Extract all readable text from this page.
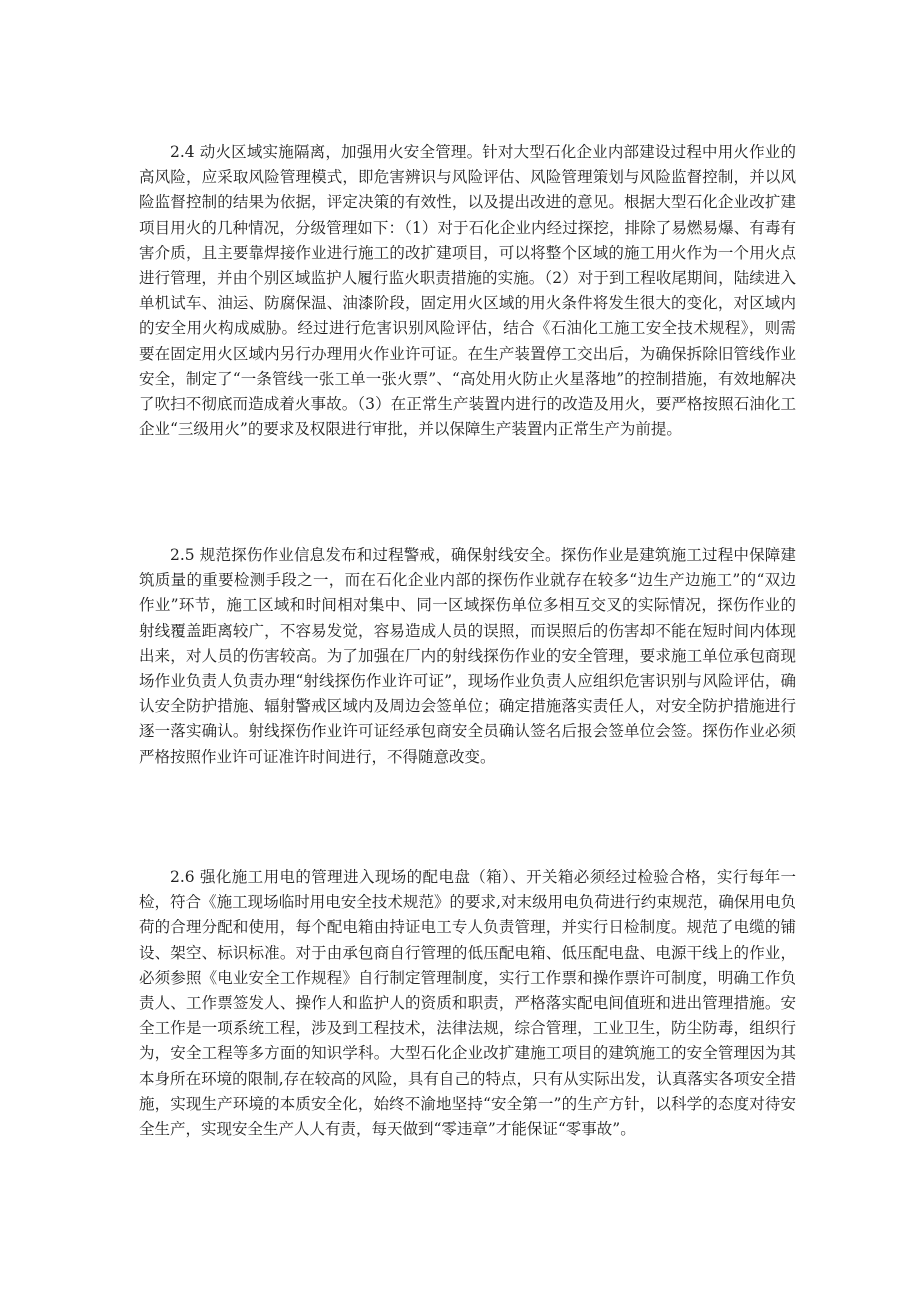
2.4 动火区域实施隔离，加强用火安全管理。针对大型石化企业内部建设过程中用火作业的高风险，应采取风险管理模式，即危害辨识与风险评估、风险管理策划与风险监督控制，并以风险监督控制的结果为依据，评定决策的有效性，以及提出改进的意见。根据大型石化企业改扩建项目用火的几种情况，分级管理如下：（1）对于石化企业内经过探挖，排除了易燃易爆、有毒有害介质，且主要靠焊接作业进行施工的改扩建项目，可以将整个区域的施工用火作为一个用火点进行管理，并由个别区域监护人履行监火职责措施的实施。（2）对于到工程收尾期间，陆续进入单机试车、油运、防腐保温、油漆阶段，固定用火区域的用火条件将发生很大的变化，对区域内的安全用火构成威胁。经过进行危害识别风险评估，结合《石油化工施工安全技术规程》，则需要在固定用火区域内另行办理用火作业许可证。在生产装置停工交出后，为确保拆除旧管线作业安全，制定了“一条管线一张工单一张火票”、“高处用火防止火星落地”的控制措施，有效地解决了吹扫不彻底而造成着火事故。（3）在正常生产装置内进行的改造及用火，要严格按照石油化工企业“三级用火”的要求及权限进行审批，并以保障生产装置内正常生产为前提。

2.5 规范探伤作业信息发布和过程警戒，确保射线安全。探伤作业是建筑施工过程中保障建筑质量的重要检测手段之一，而在石化企业内部的探伤作业就存在较多“边生产边施工”的“双边作业”环节，施工区域和时间相对集中、同一区域探伤单位多相互交叉的实际情况，探伤作业的射线覆盖距离较广，不容易发觉，容易造成人员的误照，而误照后的伤害却不能在短时间内体现出来，对人员的伤害较高。为了加强在厂内的射线探伤作业的安全管理，要求施工单位承包商现场作业负责人负责办理“射线探伤作业许可证”，现场作业负责人应组织危害识别与风险评估，确认安全防护措施、辐射警戒区域内及周边会签单位；确定措施落实责任人，对安全防护措施进行逐一落实确认。射线探伤作业许可证经承包商安全员确认签名后报会签单位会签。探伤作业必须严格按照作业许可证准许时间进行，不得随意改变。

2.6 强化施工用电的管理进入现场的配电盘（箱）、开关箱必须经过检验合格，实行每年一检，符合《施工现场临时用电安全技术规范》的要求,对末级用电负荷进行约束规范，确保用电负荷的合理分配和使用，每个配电箱由持证电工专人负责管理，并实行日检制度。规范了电缆的铺设、架空、标识标准。对于由承包商自行管理的低压配电箱、低压配电盘、电源干线上的作业，必须参照《电业安全工作规程》自行制定管理制度，实行工作票和操作票许可制度，明确工作负责人、工作票签发人、操作人和监护人的资质和职责，严格落实配电间值班和进出管理措施。安全工作是一项系统工程，涉及到工程技术，法律法规，综合管理，工业卫生，防尘防毒，组织行为，安全工程等多方面的知识学科。大型石化企业改扩建施工项目的建筑施工的安全管理因为其本身所在环境的限制,存在较高的风险，具有自己的特点，只有从实际出发，认真落实各项安全措施，实现生产环境的本质安全化，始终不渝地坚持“安全第一”的生产方针，以科学的态度对待安全生产，实现安全生产人人有责，每天做到“零违章”才能保证“零事故”。
